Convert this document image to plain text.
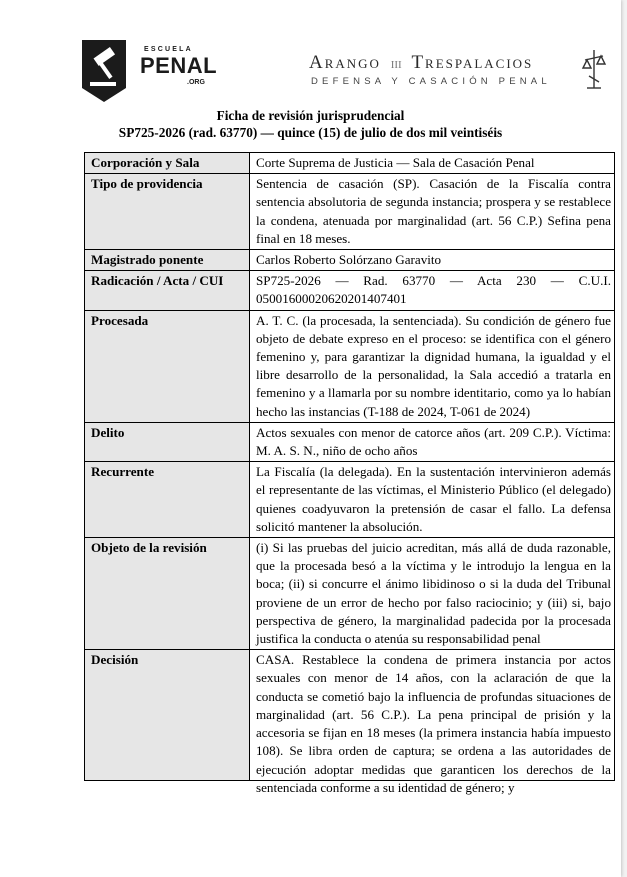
ESCUELA
PENAL
.ORG
Arango III Trespalacios
DEFENSA Y CASACIÓN PENAL
Ficha de revisión jurisprudencial
SP725-2026 (rad. 63770) — quince (15) de julio de dos mil veintiséis
Corporación y Sala	Corte Suprema de Justicia — Sala de Casación Penal
Tipo de providencia	Sentencia de casación (SP). Casación de la Fiscalía contra sentencia absolutoria de segunda instancia; prospera y se restablece la condena, atenuada por marginalidad (art. 56 C.P.) Sefina pena final en 18 meses.
Magistrado ponente	Carlos Roberto Solórzano Garavito
Radicación / Acta / CUI	SP725-2026 — Rad. 63770 — Acta 230 — C.U.I. 05001600020620201407401
Procesada	A. T. C. (la procesada, la sentenciada). Su condición de género fue objeto de debate expreso en el proceso: se identifica con el género femenino y, para garantizar la dignidad humana, la igualdad y el libre desarrollo de la personalidad, la Sala accedió a tratarla en femenino y a llamarla por su nombre identitario, como ya lo habían hecho las instancias (T-188 de 2024, T-061 de 2024)
Delito	Actos sexuales con menor de catorce años (art. 209 C.P.). Víctima: M. A. S. N., niño de ocho años
Recurrente	La Fiscalía (la delegada). En la sustentación intervinieron además el representante de las víctimas, el Ministerio Público (el delegado) quienes coadyuvaron la pretensión de casar el fallo. La defensa solicitó mantener la absolución.
Objeto de la revisión	(i) Si las pruebas del juicio acreditan, más allá de duda razonable, que la procesada besó a la víctima y le introdujo la lengua en la boca; (ii) si concurre el ánimo libidinoso o si la duda del Tribunal proviene de un error de hecho por falso raciocinio; y (iii) si, bajo perspectiva de género, la marginalidad padecida por la procesada justifica la conducta o atenúa su responsabilidad penal
Decisión	CASA. Restablece la condena de primera instancia por actos sexuales con menor de 14 años, con la aclaración de que la conducta se cometió bajo la influencia de profundas situaciones de marginalidad (art. 56 C.P.). La pena principal de prisión y la accesoria se fijan en 18 meses (la primera instancia había impuesto 108). Se libra orden de captura; se ordena a las autoridades de ejecución adoptar medidas que garanticen los derechos de la sentenciada conforme a su identidad de género; y
